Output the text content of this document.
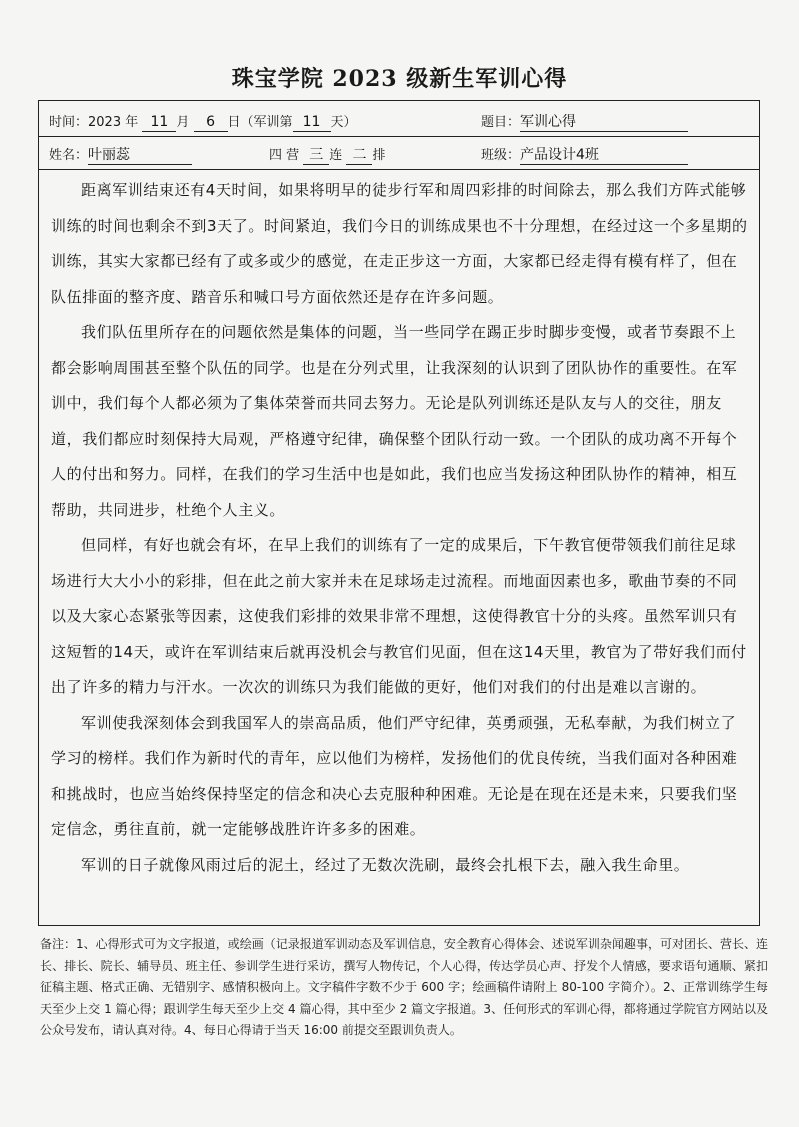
珠宝学院 2023 级新生军训心得
时间：2023 年 11 月 6 日（军训第 11 天）	题目：军训心得
姓名：叶丽蕊	四 营 三 连 二 排	班级：产品设计4班

距离军训结束还有4天时间，如果将明早的徒步行军和周四彩排的时间除去，那么我们方阵式能够训练的时间也剩余不到3天了。时间紧迫，我们今日的训练成果也不十分理想，在经过这一个多星期的训练，其实大家都已经有了或多或少的感觉，在走正步这一方面，大家都已经走得有模有样了，但在队伍排面的整齐度、踏音乐和喊口号方面依然还是存在许多问题。

我们队伍里所存在的问题依然是集体的问题，当一些同学在踢正步时脚步变慢，或者节奏跟不上都会影响周围甚至整个队伍的同学。也是在分列式里，让我深刻的认识到了团队协作的重要性。在军训中，我们每个人都必须为了集体荣誉而共同去努力。无论是队列训练还是队友与人的交往，朋友道，我们都应时刻保持大局观，严格遵守纪律，确保整个团队行动一致。一个团队的成功离不开每个人的付出和努力。同样，在我们的学习生活中也是如此，我们也应当发扬这种团队协作的精神，相互帮助，共同进步，杜绝个人主义。

但同样，有好也就会有坏，在早上我们的训练有了一定的成果后，下午教官便带领我们前往足球场进行大大小小的彩排，但在此之前大家并未在足球场走过流程。而地面因素也多，歌曲节奏的不同以及大家心态紧张等因素，这使我们彩排的效果非常不理想，这使得教官十分的头疼。虽然军训只有这短暂的14天，或许在军训结束后就再没机会与教官们见面，但在这14天里，教官为了带好我们而付出了许多的精力与汗水。一次次的训练只为我们能做的更好，他们对我们的付出是难以言谢的。

军训使我深刻体会到我国军人的崇高品质，他们严守纪律，英勇顽强，无私奉献，为我们树立了学习的榜样。我们作为新时代的青年，应以他们为榜样，发扬他们的优良传统，当我们面对各种困难和挑战时，也应当始终保持坚定的信念和决心去克服种种困难。无论是在现在还是未来，只要我们坚定信念，勇往直前，就一定能够战胜许许多多的困难。

军训的日子就像风雨过后的泥土，经过了无数次洗刷，最终会扎根下去，融入我生命里。

备注：1、心得形式可为文字报道，或绘画（记录报道军训动态及军训信息，安全教育心得体会、述说军训杂闻趣事，可对团长、营长、连长、排长、院长、辅导员、班主任、参训学生进行采访，撰写人物传记，个人心得，传达学员心声、抒发个人情感，要求语句通顺、紧扣征稿主题、格式正确、无错别字、感情积极向上。文字稿件字数不少于 600 字；绘画稿件请附上 80-100 字简介）。2、正常训练学生每天至少上交 1 篇心得；跟训学生每天至少上交 4 篇心得，其中至少 2 篇文字报道。3、任何形式的军训心得，都将通过学院官方网站以及公众号发布，请认真对待。4、每日心得请于当天 16:00 前提交至跟训负责人。
